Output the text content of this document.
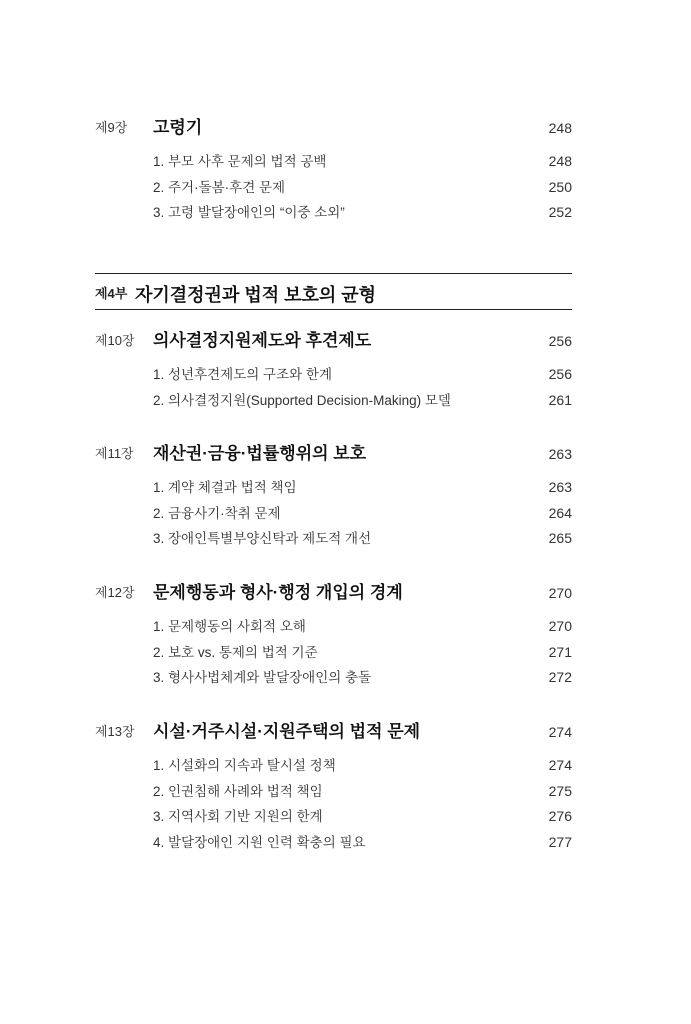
제4부 자기결정권과 법적 보호의 균형
제9장 고령기	248
1. 부모 사후 문제의 법적 공백	248
2. 주거·돌봄·후견 문제	250
3. 고령 발달장애인의 “이중 소외”	252
제10장 의사결정지원제도와 후견제도	256
1. 성년후견제도의 구조와 한계	256
2. 의사결정지원(Supported Decision-Making) 모델	261
제11장 재산권·금융·법률행위의 보호	263
1. 계약 체결과 법적 책임	263
2. 금융사기·착취 문제	264
3. 장애인특별부양신탁과 제도적 개선	265
제12장 문제행동과 형사·행정 개입의 경계	270
1. 문제행동의 사회적 오해	270
2. 보호 vs. 통제의 법적 기준	271
3. 형사사법체계와 발달장애인의 충돌	272
제13장 시설·거주시설·지원주택의 법적 문제	274
1. 시설화의 지속과 탈시설 정책	274
2. 인권침해 사례와 법적 책임	275
3. 지역사회 기반 지원의 한계	276
4. 발달장애인 지원 인력 확충의 필요	277
